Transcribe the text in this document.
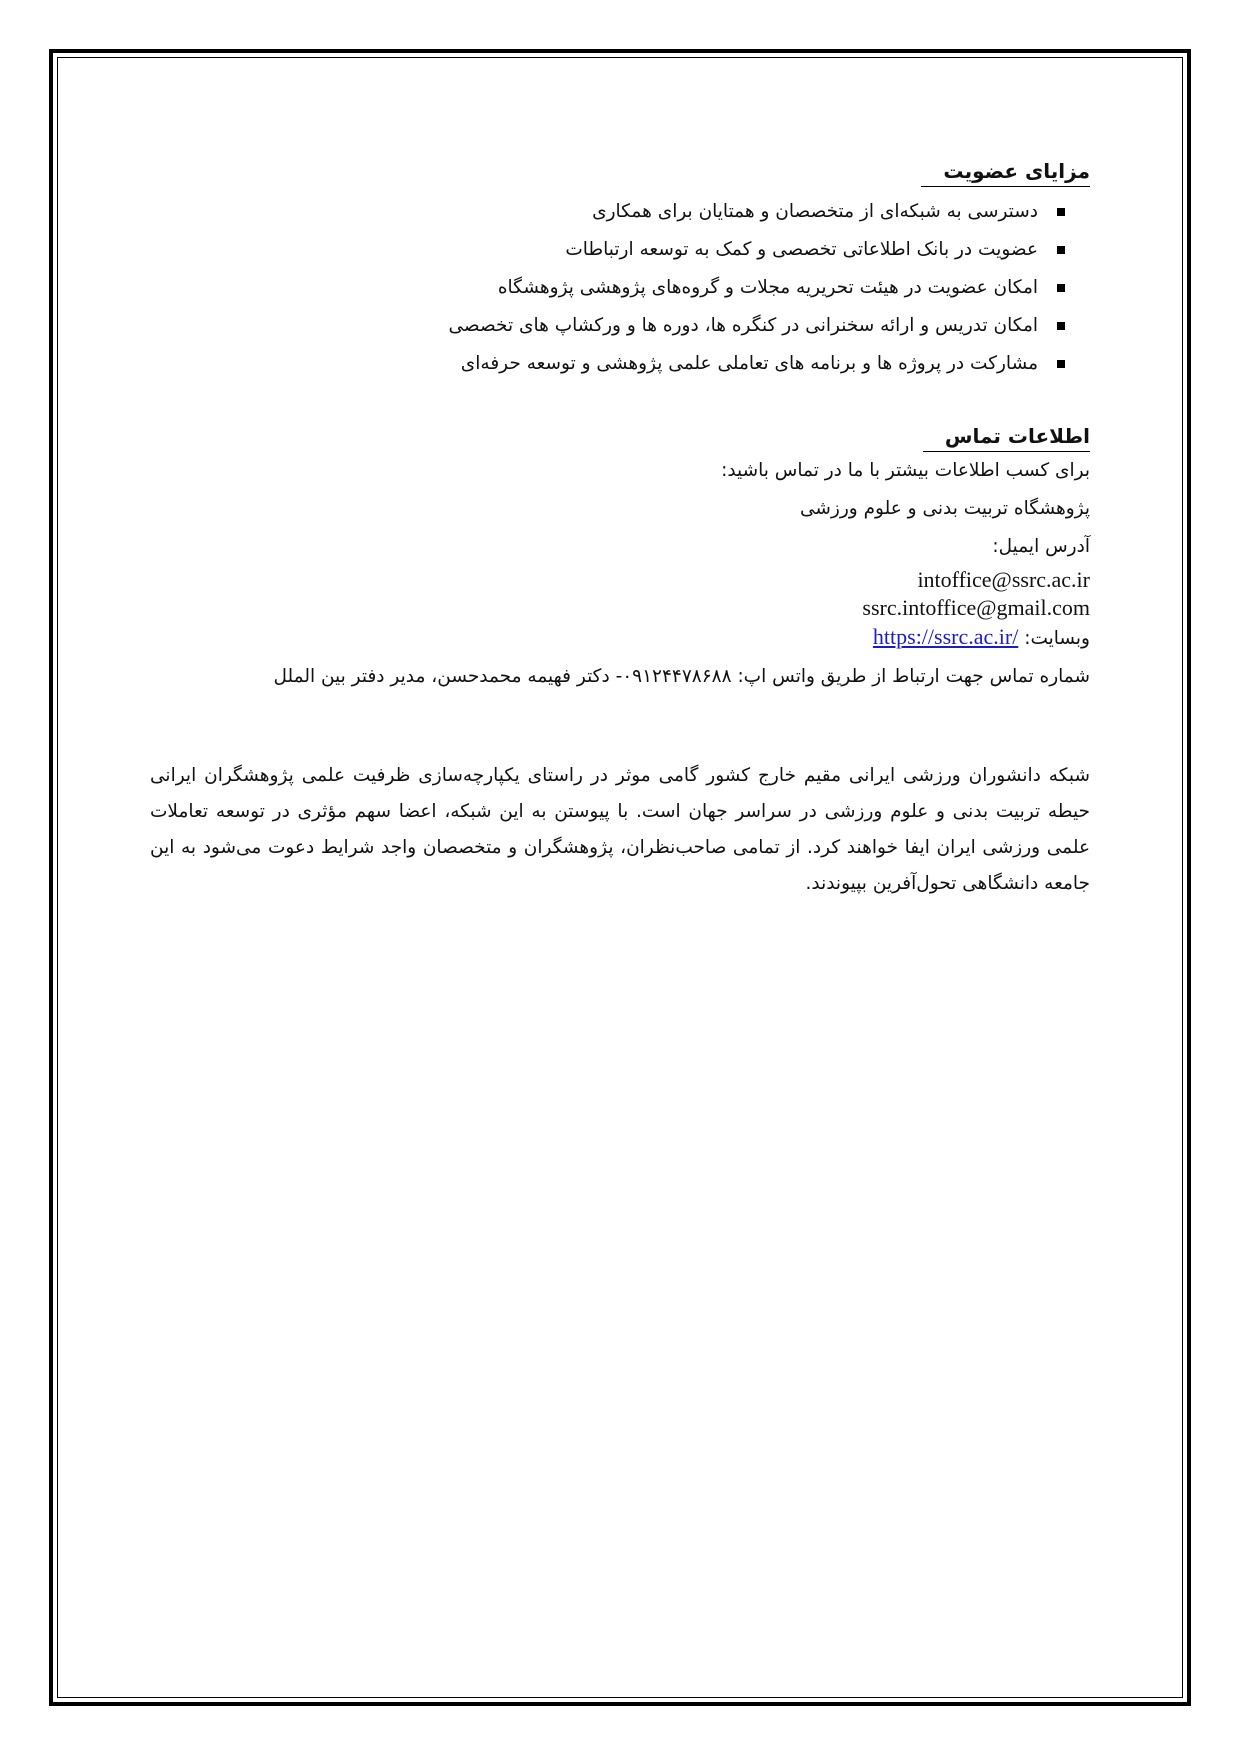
مزایای عضویت
دسترسی به شبکه‌ای از متخصصان و همتایان برای همکاری
عضویت در بانک اطلاعاتی تخصصی و کمک به توسعه ارتباطات
امکان عضویت در هیئت تحریریه مجلات و گروه‌های پژوهشی پژوهشگاه
امکان تدریس و ارائه سخنرانی در کنگره ها، دوره ها و ورکشاپ های تخصصی
مشارکت در پروژه ها و برنامه های تعاملی علمی پژوهشی و توسعه حرفه‌ای
اطلاعات تماس
برای کسب اطلاعات بیشتر با ما در تماس باشید:
پژوهشگاه تربیت بدنی و علوم ورزشی
آدرس ایمیل:
intoffice@ssrc.ac.ir
ssrc.intoffice@gmail.com
وبسایت: https://ssrc.ac.ir/
شماره تماس جهت ارتباط از طریق واتس اپ: ۰۹۱۲۴۴۷۸۶۸۸- دکتر فهیمه محمدحسن، مدیر دفتر بین الملل
شبکه دانشوران ورزشی ایرانی مقیم خارج کشور گامی موثر در راستای یکپارچه‌سازی ظرفیت علمی پژوهشگران ایرانی حیطه تربیت بدنی و علوم ورزشی در سراسر جهان است. با پیوستن به این شبکه، اعضا سهم مؤثری در توسعه تعاملات علمی ورزشی ایران ایفا خواهند کرد. از تمامی صاحب‌نظران، پژوهشگران و متخصصان واجد شرایط دعوت می‌شود به این جامعه دانشگاهی تحول‌آفرین بپیوندند.
